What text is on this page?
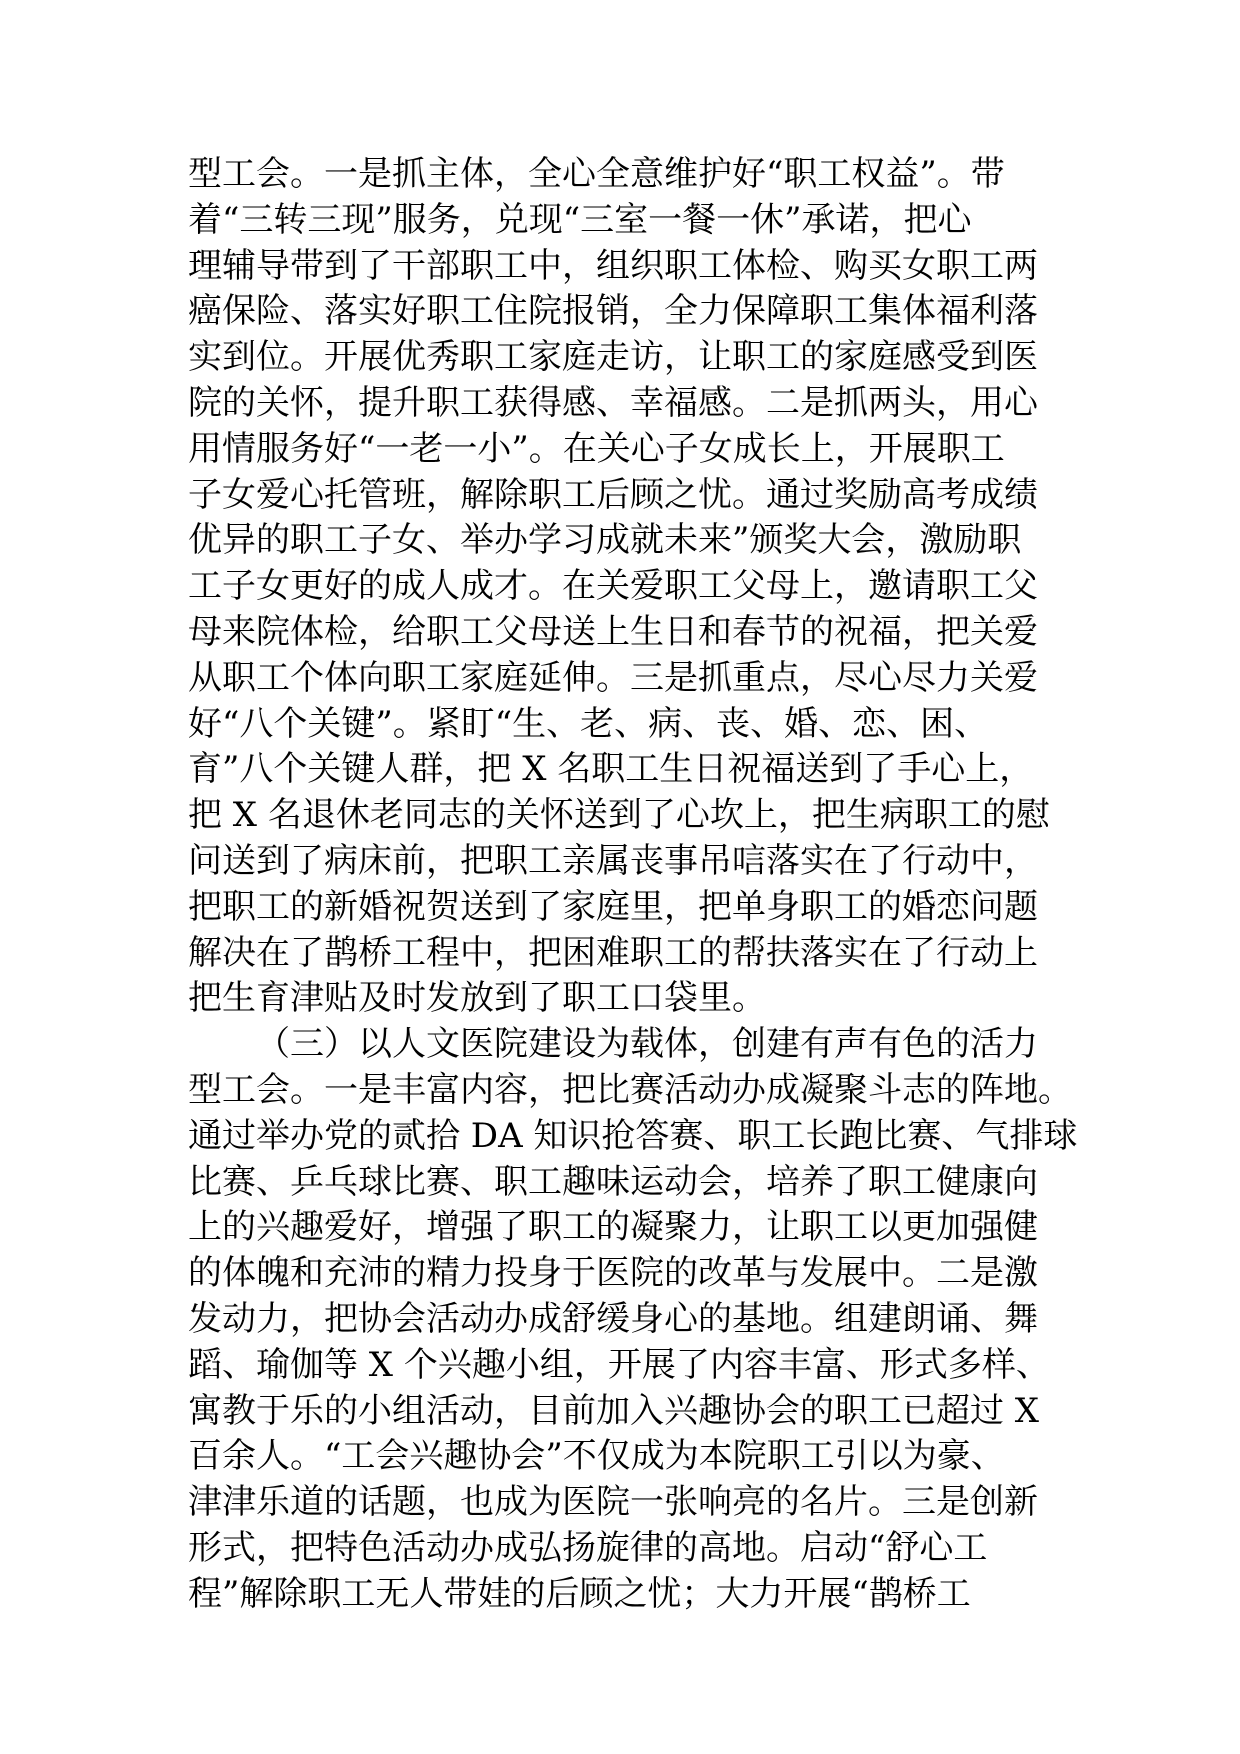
型工会。一是抓主体，全心全意维护好“职工权益”。带
着“三转三现”服务，兑现“三室一餐一休”承诺，把心
理辅导带到了干部职工中，组织职工体检、购买女职工两
癌保险、落实好职工住院报销，全力保障职工集体福利落
实到位。开展优秀职工家庭走访，让职工的家庭感受到医
院的关怀，提升职工获得感、幸福感。二是抓两头，用心
用情服务好“一老一小”。在关心子女成长上，开展职工
子女爱心托管班，解除职工后顾之忧。通过奖励高考成绩
优异的职工子女、举办学习成就未来”颁奖大会，激励职
工子女更好的成人成才。在关爱职工父母上，邀请职工父
母来院体检，给职工父母送上生日和春节的祝福，把关爱
从职工个体向职工家庭延伸。三是抓重点，尽心尽力关爱
好“八个关键”。紧盯“生、老、病、丧、婚、恋、困、
育”八个关键人群，把 X 名职工生日祝福送到了手心上，
把 X 名退休老同志的关怀送到了心坎上，把生病职工的慰
问送到了病床前，把职工亲属丧事吊唁落实在了行动中，
把职工的新婚祝贺送到了家庭里，把单身职工的婚恋问题
解决在了鹊桥工程中，把困难职工的帮扶落实在了行动上
把生育津贴及时发放到了职工口袋里。
（三）以人文医院建设为载体，创建有声有色的活力
型工会。一是丰富内容，把比赛活动办成凝聚斗志的阵地。
通过举办党的贰拾 DA 知识抢答赛、职工长跑比赛、气排球
比赛、乒乓球比赛、职工趣味运动会，培养了职工健康向
上的兴趣爱好，增强了职工的凝聚力，让职工以更加强健
的体魄和充沛的精力投身于医院的改革与发展中。二是激
发动力，把协会活动办成舒缓身心的基地。组建朗诵、舞
蹈、瑜伽等 X 个兴趣小组，开展了内容丰富、形式多样、
寓教于乐的小组活动，目前加入兴趣协会的职工已超过 X
百余人。“工会兴趣协会”不仅成为本院职工引以为豪、
津津乐道的话题，也成为医院一张响亮的名片。三是创新
形式，把特色活动办成弘扬旋律的高地。启动“舒心工
程”解除职工无人带娃的后顾之忧；大力开展“鹊桥工
